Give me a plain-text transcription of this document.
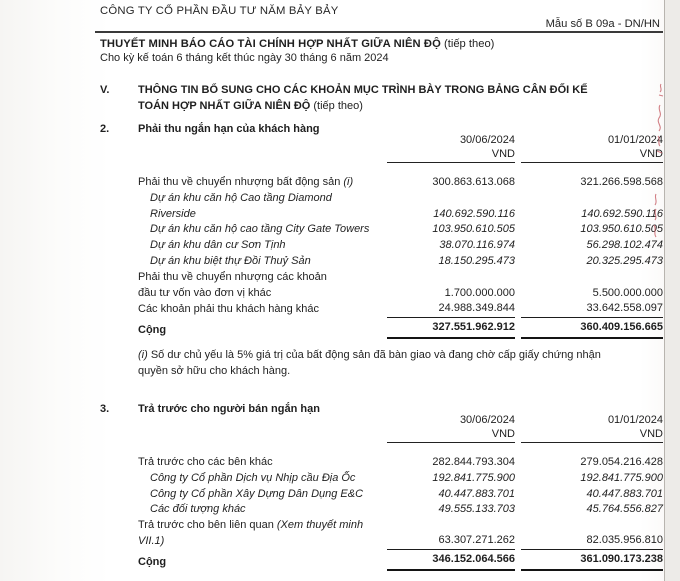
CÔNG TY CỔ PHẦN ĐẦU TƯ NĂM BẢY BẢY
Mẫu số B 09a - DN/HN
THUYẾT MINH BÁO CÁO TÀI CHÍNH HỢP NHẤT GIỮA NIÊN ĐỘ (tiếp theo)
Cho kỳ kế toán 6 tháng kết thúc ngày 30 tháng 6 năm 2024
V.	THÔNG TIN BỔ SUNG CHO CÁC KHOẢN MỤC TRÌNH BÀY TRONG BẢNG CÂN ĐỐI KẾ
TOÁN HỢP NHẤT GIỮA NIÊN ĐỘ (tiếp theo)
2.	Phải thu ngắn hạn của khách hàng
30/06/2024
VND
01/01/2024
VND
Phải thu về chuyển nhượng bất động sản (i)	300.863.613.068	321.266.598.568
Dự án khu căn hộ Cao tầng Diamond
Riverside	140.692.590.116	140.692.590.116
Dự án khu căn hộ cao tầng City Gate Towers	103.950.610.505	103.950.610.505
Dự án khu dân cư Sơn Tịnh	38.070.116.974	56.298.102.474
Dự án khu biệt thự Đồi Thuỷ Sản	18.150.295.473	20.325.295.473
Phải thu về chuyển nhượng các khoản
đầu tư vốn vào đơn vị khác	1.700.000.000	5.500.000.000
Các khoản phải thu khách hàng khác	24.988.349.844	33.642.558.097
Cộng	327.551.962.912	360.409.156.665
(i) Số dư chủ yếu là 5% giá trị của bất động sản đã bàn giao và đang chờ cấp giấy chứng nhận quyền sở hữu cho khách hàng.
3.	Trả trước cho người bán ngắn hạn
30/06/2024
VND
01/01/2024
VND
Trả trước cho các bên khác	282.844.793.304	279.054.216.428
Công ty Cổ phần Dịch vụ Nhịp cầu Địa Ốc	192.841.775.900	192.841.775.900
Công ty Cổ phần Xây Dựng Dân Dụng E&C	40.447.883.701	40.447.883.701
Các đối tượng khác	49.555.133.703	45.764.556.827
Trả trước cho bên liên quan (Xem thuyết minh
VII.1)	63.307.271.262	82.035.956.810
Cộng	346.152.064.566	361.090.173.238
